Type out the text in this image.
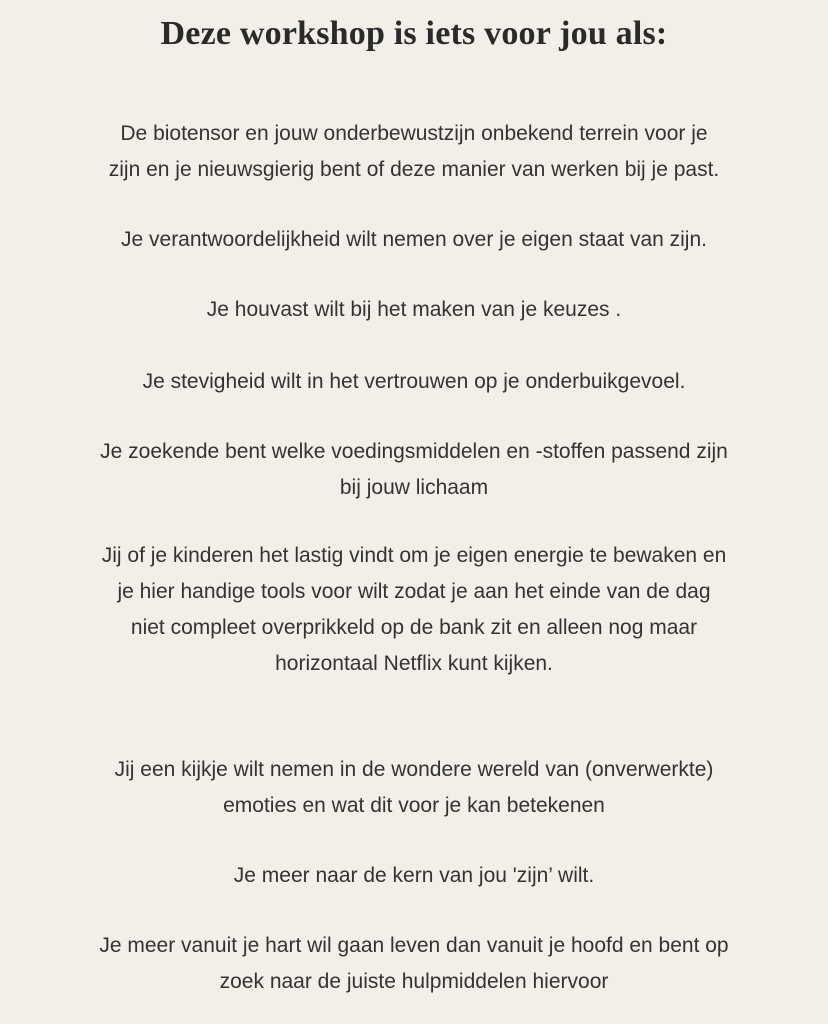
Deze workshop is iets voor jou als:

De biotensor en jouw onderbewustzijn onbekend terrein voor je
zijn en je nieuwsgierig bent of deze manier van werken bij je past.

Je verantwoordelijkheid wilt nemen over je eigen staat van zijn.

Je houvast wilt bij het maken van je keuzes .

Je stevigheid wilt in het vertrouwen op je onderbuikgevoel.

Je zoekende bent welke voedingsmiddelen en -stoffen passend zijn
bij jouw lichaam

Jij of je kinderen het lastig vindt om je eigen energie te bewaken en
je hier handige tools voor wilt zodat je aan het einde van de dag
niet compleet overprikkeld op de bank zit en alleen nog maar
horizontaal Netflix kunt kijken.

Jij een kijkje wilt nemen in de wondere wereld van (onverwerkte)
emoties en wat dit voor je kan betekenen

Je meer naar de kern van jou 'zijn’ wilt.

Je meer vanuit je hart wil gaan leven dan vanuit je hoofd en bent op
zoek naar de juiste hulpmiddelen hiervoor
